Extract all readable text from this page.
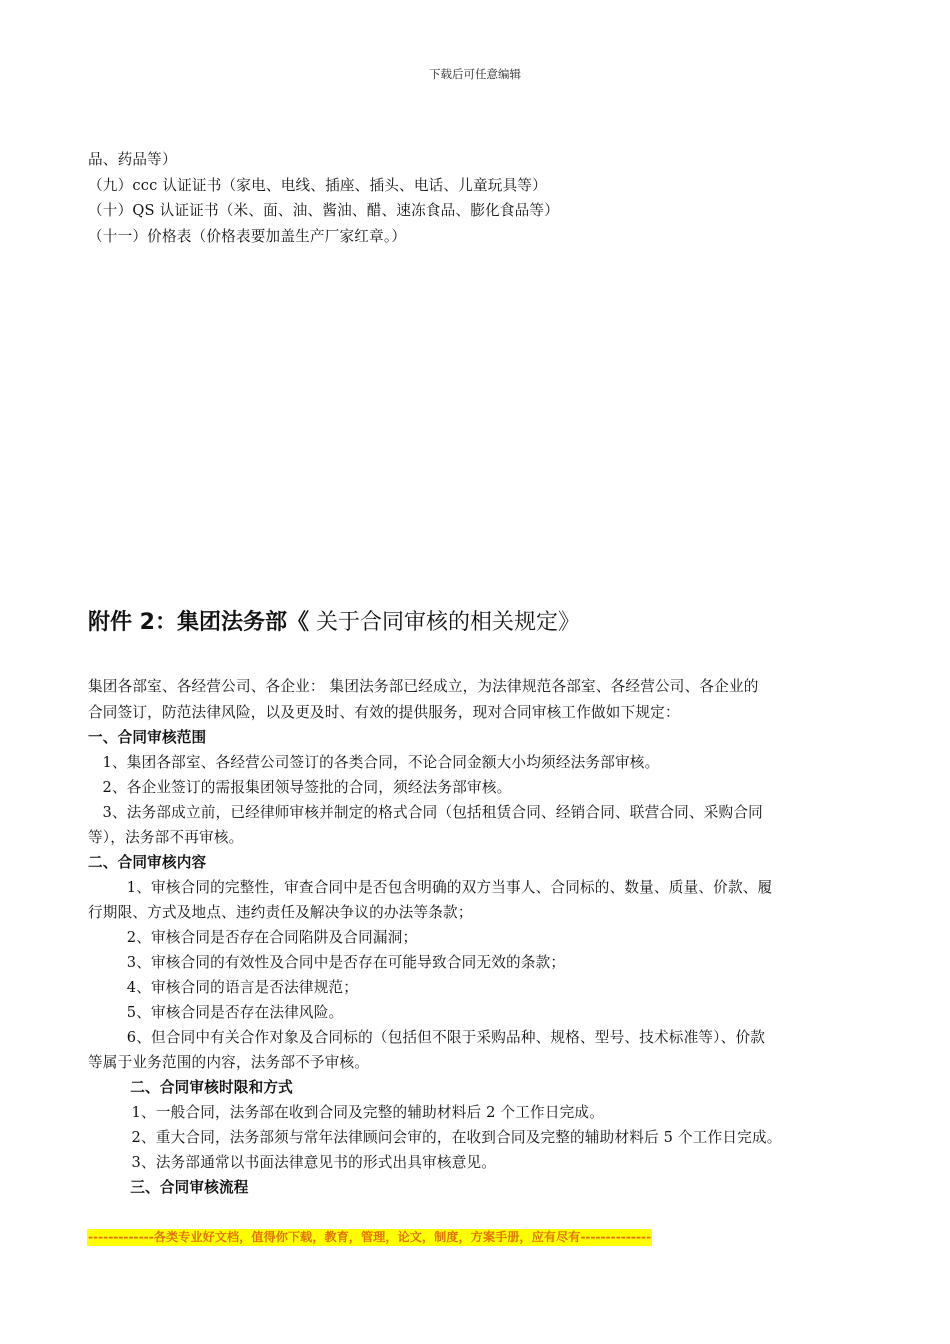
下载后可任意编辑
品、药品等）
（九）ccc 认证证书（家电、电线、插座、插头、电话、儿童玩具等）
（十）QS 认证证书（米、面、油、酱油、醋、速冻食品、膨化食品等）
（十一）价格表（价格表要加盖生产厂家红章。）
附件 2：集团法务部《 关于合同审核的相关规定》
集团各部室、各经营公司、各企业： 集团法务部已经成立，为法律规范各部室、各经营公司、各企业的
合同签订，防范法律风险，以及更及时、有效的提供服务，现对合同审核工作做如下规定：
一、合同审核范围
1、集团各部室、各经营公司签订的各类合同，不论合同金额大小均须经法务部审核。
2、各企业签订的需报集团领导签批的合同，须经法务部审核。
3、法务部成立前，已经律师审核并制定的格式合同（包括租赁合同、经销合同、联营合同、采购合同
等），法务部不再审核。
二、合同审核内容
1、审核合同的完整性，审查合同中是否包含明确的双方当事人、合同标的、数量、质量、价款、履
行期限、方式及地点、违约责任及解决争议的办法等条款；
2、审核合同是否存在合同陷阱及合同漏洞；
3、审核合同的有效性及合同中是否存在可能导致合同无效的条款；
4、审核合同的语言是否法律规范；
5、审核合同是否存在法律风险。
6、但合同中有关合作对象及合同标的（包括但不限于采购品种、规格、型号、技术标准等）、价款
等属于业务范围的内容，法务部不予审核。
二、合同审核时限和方式
1、一般合同，法务部在收到合同及完整的辅助材料后 2 个工作日完成。
2、重大合同，法务部须与常年法律顾问会审的，在收到合同及完整的辅助材料后 5 个工作日完成。
3、法务部通常以书面法律意见书的形式出具审核意见。
三、合同审核流程
-------------各类专业好文档，值得你下载，教育，管理，论文，制度，方案手册，应有尽有--------------
